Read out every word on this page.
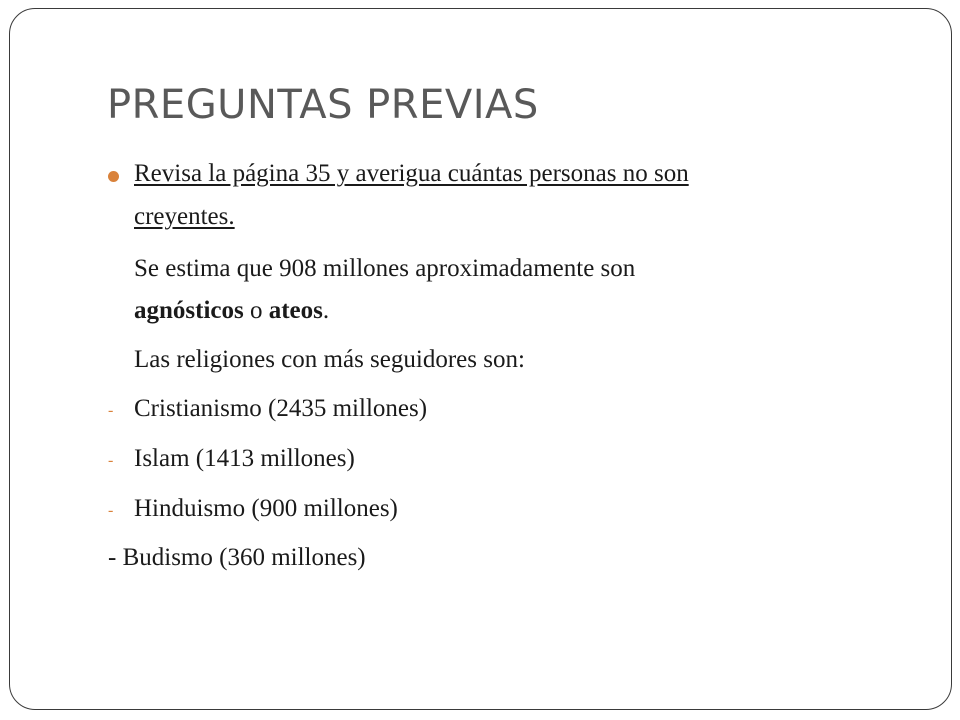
PREGUNTAS PREVIAS
Revisa la página 35 y averigua cuántas personas no son
creyentes.
Se estima que 908 millones aproximadamente son
agnósticos o ateos.
Las religiones con más seguidores son:
- Cristianismo (2435 millones)
- Islam (1413 millones)
- Hinduismo (900 millones)
- Budismo (360 millones)
